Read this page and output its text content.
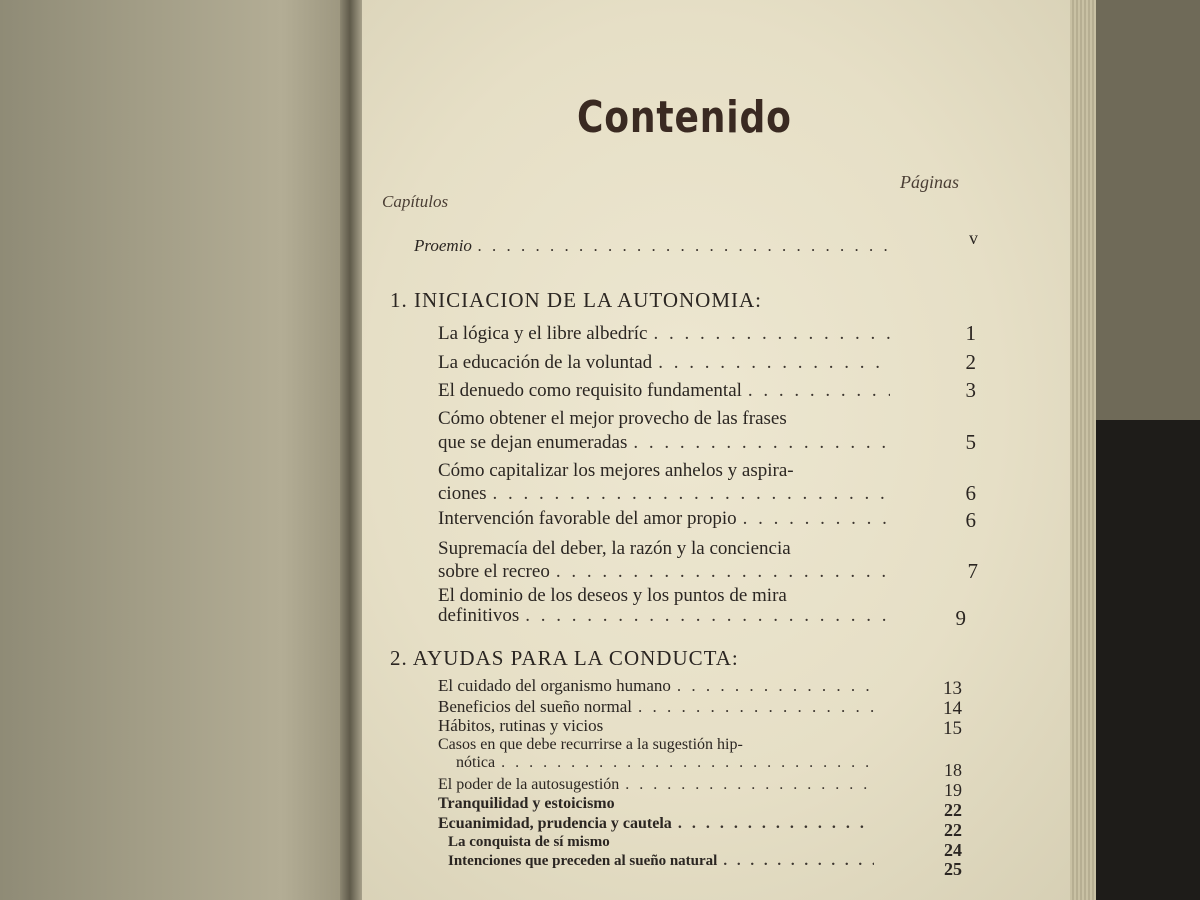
Contenido
Capítulos
Páginas
Proemio . . .	v
1. INICIACION DE LA AUTONOMIA:
La lógica y el libre albedríc . . .	1
La educación de la voluntad . . .	2
El denuedo como requisito fundamental . . .	3
Cómo obtener el mejor provecho de las frases
que se dejan enumeradas . . .	5
Cómo capitalizar los mejores anhelos y aspira-
ciones . . .	6
Intervención favorable del amor propio . . .	6
Supremacía del deber, la razón y la conciencia
sobre el recreo . . .	7
El dominio de los deseos y los puntos de mira
definitivos . . .	9
2. AYUDAS PARA LA CONDUCTA:
El cuidado del organismo humano . . .	13
Beneficios del sueño normal . . .	14
Hábitos, rutinas y vicios	15
Casos en que debe recurrirse a la sugestión hip-
nótica . . .	18
El poder de la autosugestión . . .	19
Tranquilidad y estoicismo	22
Ecuanimidad, prudencia y cautela . . .	22
La conquista de sí mismo	24
Intenciones que preceden al sueño natural . . .	25
